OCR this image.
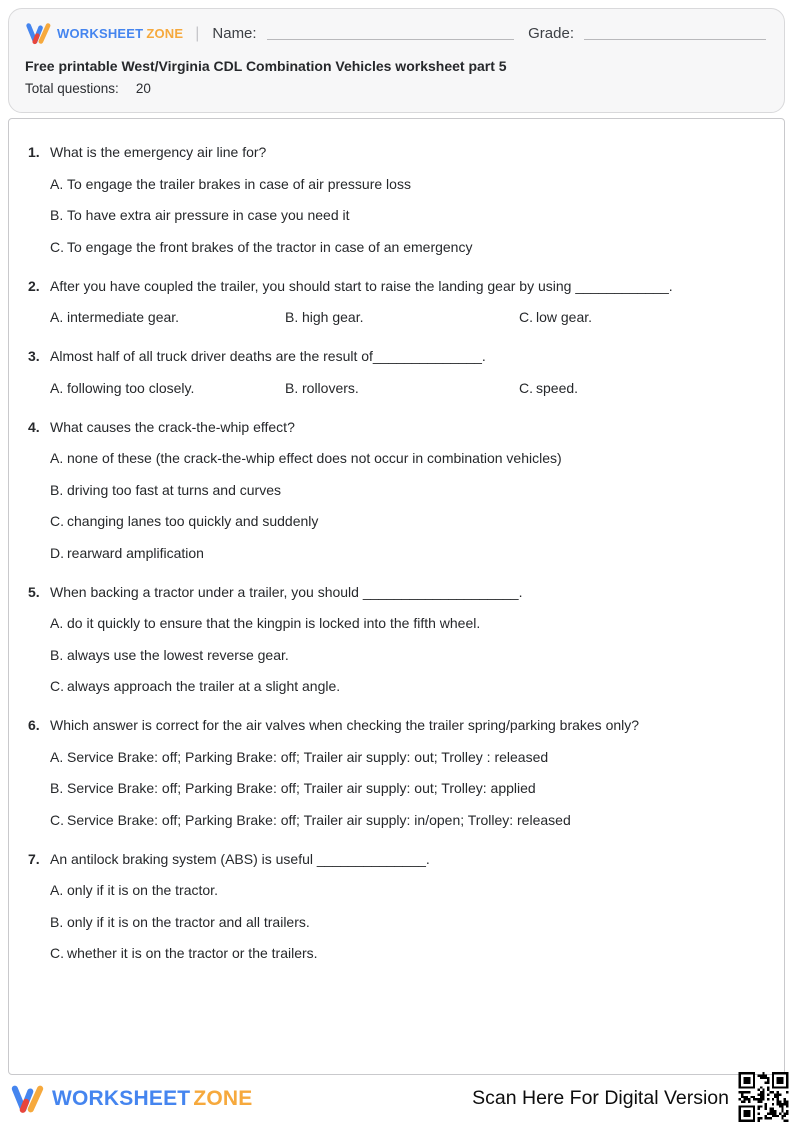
WORKSHEET ZONE | Name:	Grade:
Free printable West/Virginia CDL Combination Vehicles worksheet part 5
Total questions: 20
1. What is the emergency air line for?
A. To engage the trailer brakes in case of air pressure loss
B. To have extra air pressure in case you need it
C. To engage the front brakes of the tractor in case of an emergency
2. After you have coupled the trailer, you should start to raise the landing gear by using ____________.
A. intermediate gear.	B. high gear.	C. low gear.
3. Almost half of all truck driver deaths are the result of______________.
A. following too closely.	B. rollovers.	C. speed.
4. What causes the crack-the-whip effect?
A. none of these (the crack-the-whip effect does not occur in combination vehicles)
B. driving too fast at turns and curves
C. changing lanes too quickly and suddenly
D. rearward amplification
5. When backing a tractor under a trailer, you should ____________________.
A. do it quickly to ensure that the kingpin is locked into the fifth wheel.
B. always use the lowest reverse gear.
C. always approach the trailer at a slight angle.
6. Which answer is correct for the air valves when checking the trailer spring/parking brakes only?
A. Service Brake: off; Parking Brake: off; Trailer air supply: out; Trolley : released
B. Service Brake: off; Parking Brake: off; Trailer air supply: out; Trolley: applied
C. Service Brake: off; Parking Brake: off; Trailer air supply: in/open; Trolley: released
7. An antilock braking system (ABS) is useful ______________.
A. only if it is on the tractor.
B. only if it is on the tractor and all trailers.
C. whether it is on the tractor or the trailers.
WORKSHEET ZONE	Scan Here For Digital Version
